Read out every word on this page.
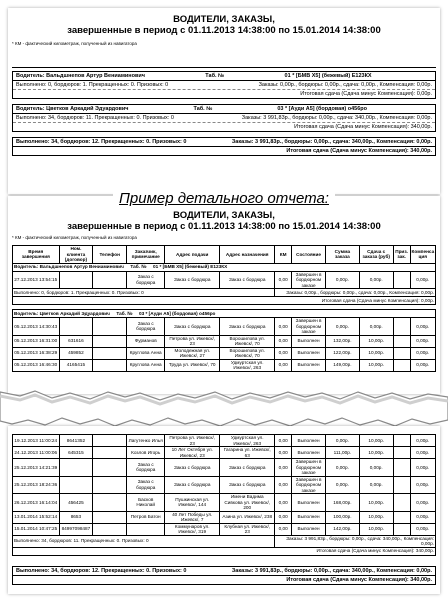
ВОДИТЕЛИ, ЗАКАЗЫ,
завершенные в период с 01.11.2013 14:38:00 по 15.01.2014 14:38:00
* КМ - фактический километраж, полученный из навигатора
Водитель: Вальдшнепов Артур Вениаминович	Таб. №	01 * [БМВ X5] (бежевый) Е123КХ
Выполнено: 0, бордюров: 1. Прекращенных: 0. Призовых: 0	Заказы: 0,00р., бордюры: 0,00р., сдача: 0,00р., Компенсация: 0,00р.
Итоговая сдача (Сдача минус Компенсация): 0,00р.
Водитель: Цветков Аркадий Эдуардович	Таб. №	03 * [Ауди А5] (бордовая) о456ро
Выполнено: 34, бордюров: 11. Прекращенных: 0. Призовых: 0	Заказы: 3 991,83р., бордюры: 0,00р., сдача: 340,00р., Компенсация: 0,00р.
Итоговая сдача (Сдача минус Компенсация): 340,00р.
Выполнено: 34, бордюров: 12. Прекращенных: 0. Призовых: 0	Заказы: 3 991,83р., бордюры: 0,00р., сдача: 340,00р., Компенсация: 0,00р.
Итоговая сдача (Сдача минус Компенсация): 340,00р.
Пример детального отчета:
ВОДИТЕЛИ, ЗАКАЗЫ,
завершенные в период с 01.11.2013 14:38:00 по 15.01.2014 14:38:00
* КМ - фактический километраж, полученный из навигатора
Время завершения	Ном. клиента (договор)	Телефон	Заказчик, примечание	Адрес подачи	Адрес назначения	КМ	Состояние	Сумма заказа	Сдача с заказа (руб)	Приз. зак.	Компенса ция
Водитель: Вальдшнепов Артур Вениаминович Таб. № 01 * [БМВ X5] (бежевый) Е123КХ											
27.12.2013 13:54:15			Заказ с бордюра	Заказ с бордюра	Заказ с бордюра	0,00	Завершен в бордюрном заказе	0,00р.	0,00р.		0,00р.
Выполнено: 0, бордюров: 1. Прекращенных: 0. Призовых: 0						Заказы: 0,00р., бордюры: 0,00р., сдача: 0,00р., Компенсация: 0,00р.					
Итоговая сдача (Сдача минус Компенсация): 0,00р.											

Водитель: Цветков Аркадий Эдуардович Таб. № 03 * [Ауди А5] (бордовая) о456ро											
05.12.2013 14:30:43			Заказ с бордюра	Заказ с бордюра	Заказ с бордюра	0,00	Завершен в бордюрном заказе	0,00р.	0,00р.		0,00р.
05.12.2013 16:31:00	631616		Фурманов	Петрова ул. Ижевск/, 23	Ворошилова ул. Ижевск/, 70	0,00	Выполнен	132,00р.	10,00р.		0,00р.
05.12.2013 16:38:29	459852		Круглова Анна	Молодежная ул. Ижевск/, 27	Ворошилова ул. Ижевск/, 70	0,00	Выполнен	122,00р.	10,00р.		0,00р.
05.12.2013 16:46:30	4165415		Круглова Анна	Труда ул. Ижевск/, 70	Удмуртская ул. Ижевск/, 263	0,00	Выполнен	149,00р.	10,00р.		0,00р.
19.12.2013 11:00:24	8641352		Лагутенко Илья	Петрова ул. Ижевск/, 23	Удмуртская ул. Ижевск/, 263	0,00	Выполнен	0,00р.	10,00р.		0,00р.
24.12.2013 11:00:06	645315		Козлов Игорь	10 Лет Октября ул. Ижевск/, 23	Гагарина ул. Ижевск/, 63	0,00	Выполнен	111,00р.	10,00р.		0,00р.
25.12.2013 14:21:39			Заказ с бордюра	Заказ с бордюра	Заказ с бордюра	0,00	Завершен в бордюрном заказе	0,00р.	0,00р.		0,00р.
25.12.2013 18:24:36			Заказ с бордюра	Заказ с бордюра	Заказ с бордюра	0,00	Завершен в бордюрном заказе	0,00р.	0,00р.		0,00р.
26.12.2013 16:14:04	456425		Басков Николай	Пушкинская ул. Ижевск/, 144	Имени Вадима Сивкова ул. Ижевск/, 200	0,00	Выполнен	168,00р.	10,00р.		0,00р.
13.01.2014 15:52:14	8653		Петров Батон	40 Лет Победы ул. Ижевск/, 7	Азина ул. Ижевск/, 238	0,00	Выполнен	100,00р.	10,00р.		0,00р.
15.01.2014 10:47:25	84997098487			Коммунаров ул. Ижевск/, 319	Клубная ул. Ижевск/, 23	0,00	Выполнен	142,00р.	10,00р.		0,00р.
Выполнено: 34, бордюров: 11. Прекращенных: 0. Призовых: 0						Заказы: 3 991,83р., бордюры: 0,00р., сдача: 340,00р., Компенсация: 0,00р.					
Итоговая сдача (Сдача минус Компенсация): 340,00р.											
Выполнено: 34, бордюров: 12. Прекращенных: 0. Призовых: 0	Заказы: 3 991,83р., бордюры: 0,00р., сдача: 340,00р., Компенсация: 0,00р.
Итоговая сдача (Сдача минус Компенсация): 340,00р.
